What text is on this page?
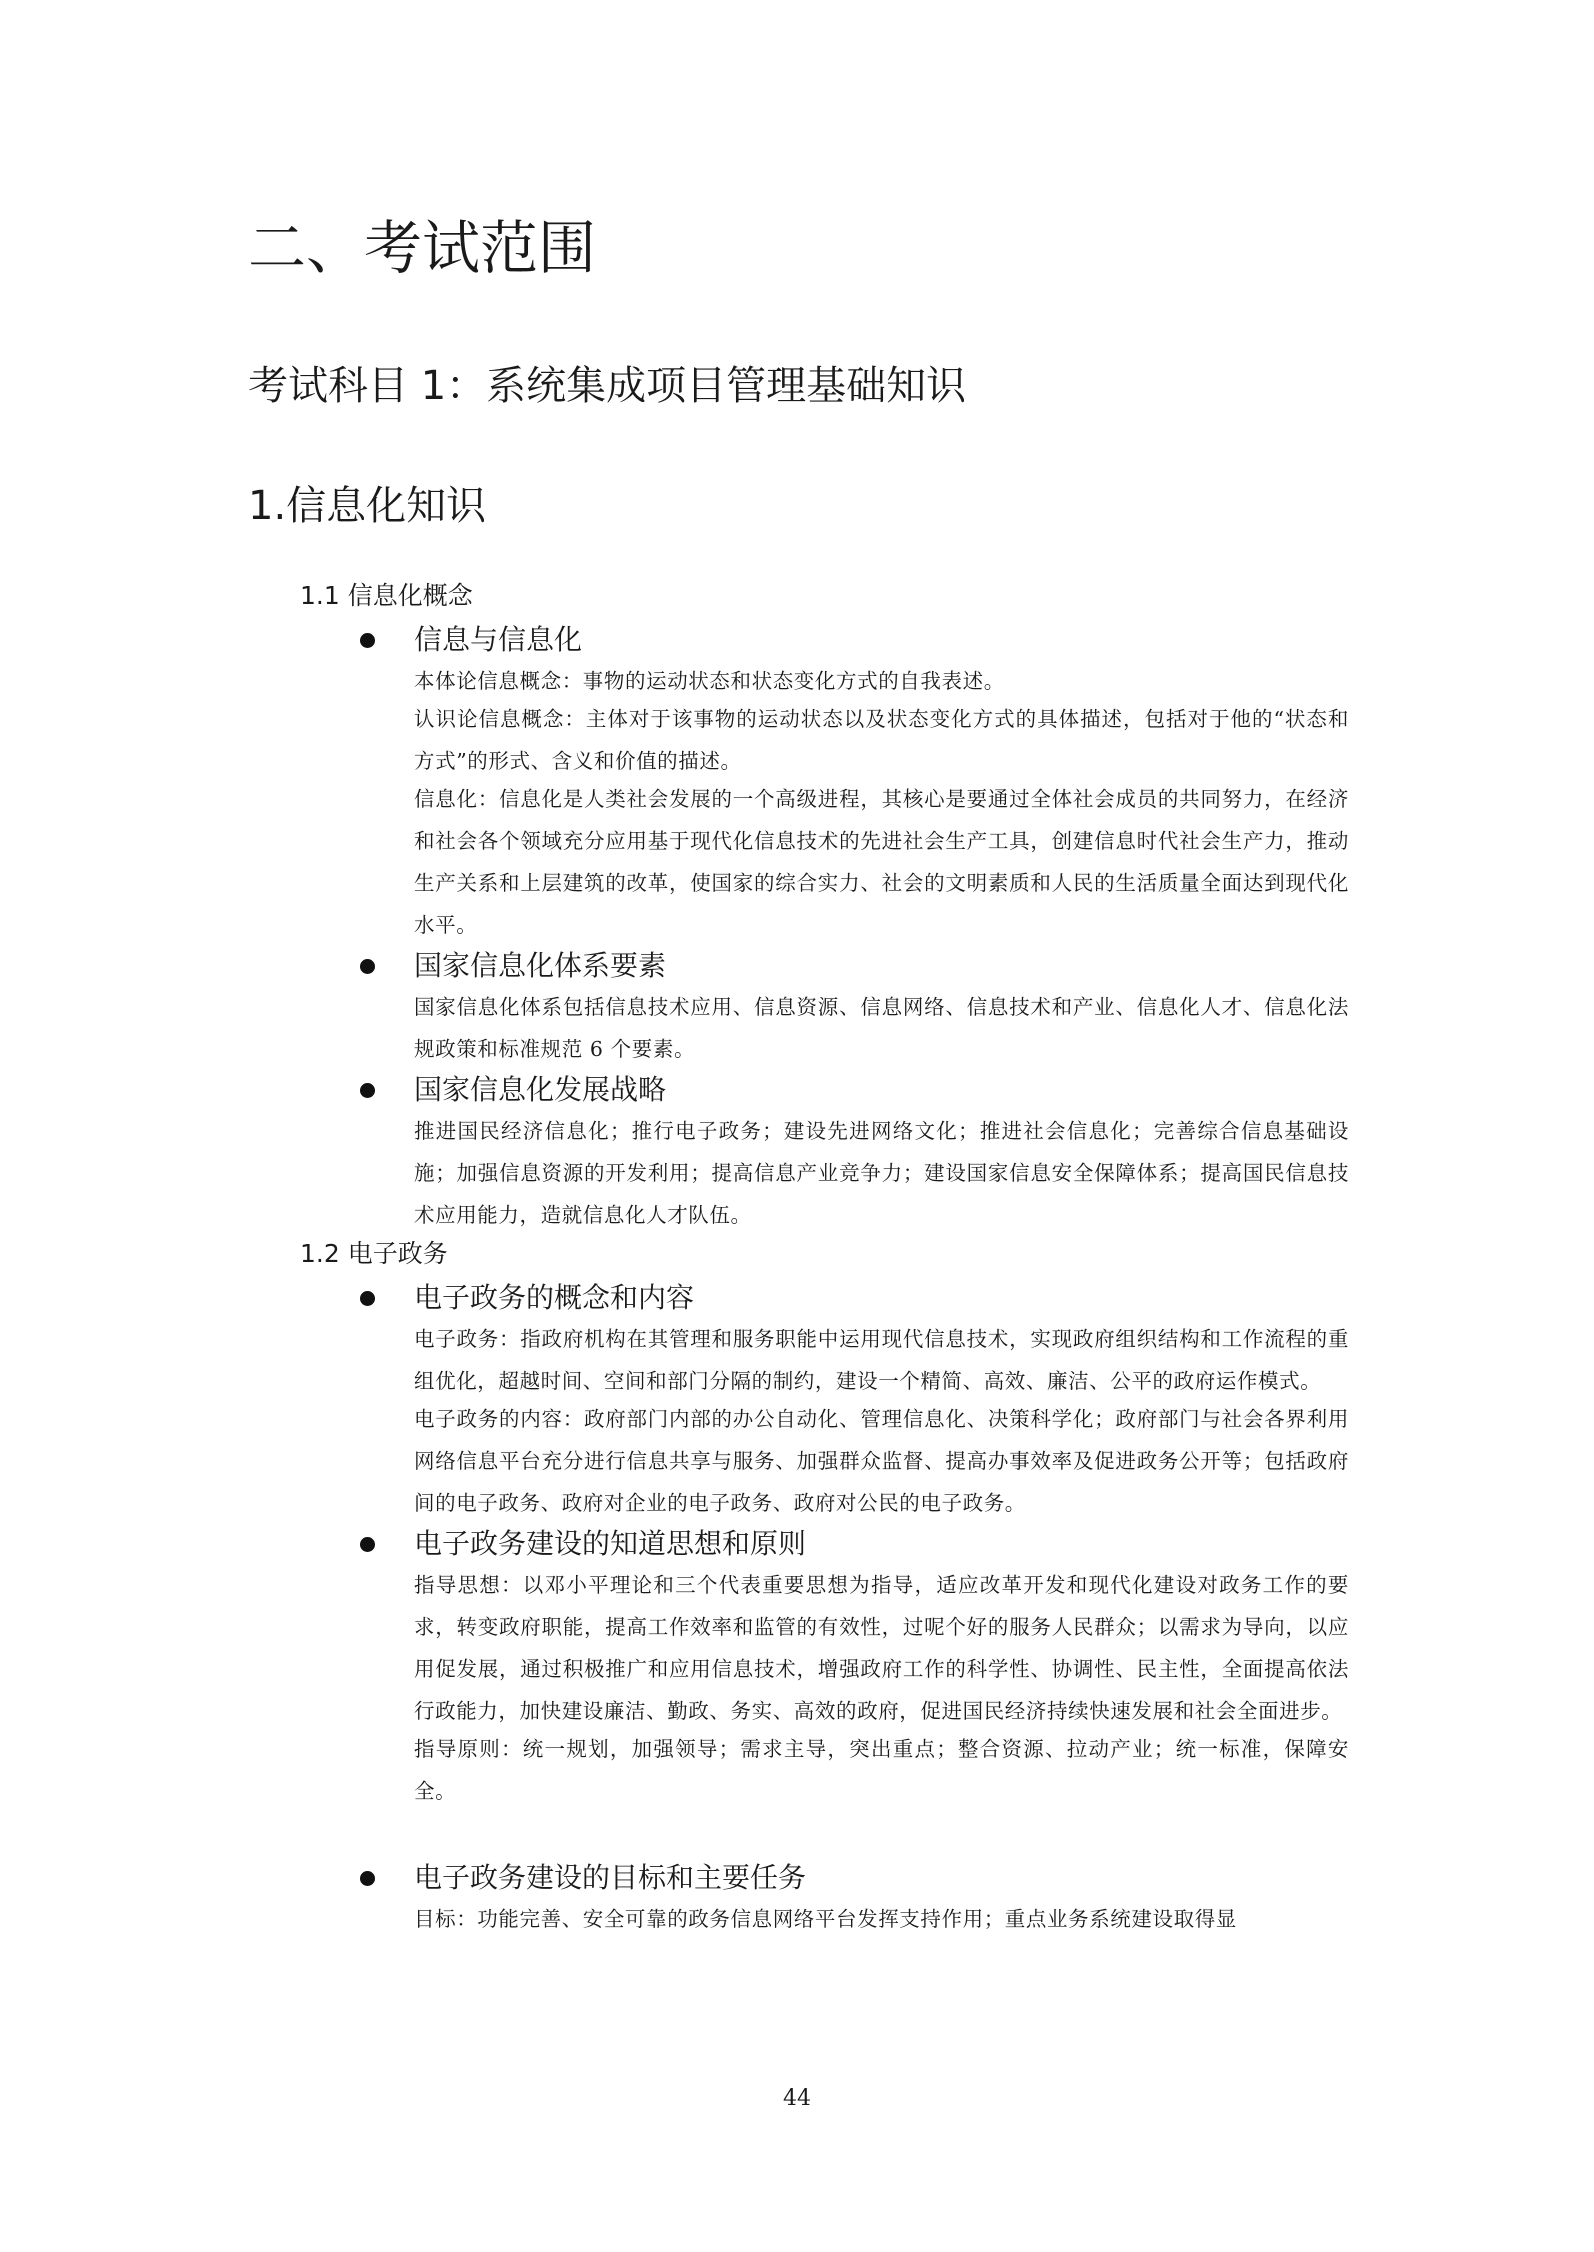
二、考试范围
考试科目 1：系统集成项目管理基础知识
1.信息化知识
1.1 信息化概念
信息与信息化

本体论信息概念：事物的运动状态和状态变化方式的自我表述。

认识论信息概念：主体对于该事物的运动状态以及状态变化方式的具体描述，包括对于他的“状态和方式”的形式、含义和价值的描述。

信息化：信息化是人类社会发展的一个高级进程，其核心是要通过全体社会成员的共同努力，在经济和社会各个领域充分应用基于现代化信息技术的先进社会生产工具，创建信息时代社会生产力，推动生产关系和上层建筑的改革，使国家的综合实力、社会的文明素质和人民的生活质量全面达到现代化水平。

国家信息化体系要素

国家信息化体系包括信息技术应用、信息资源、信息网络、信息技术和产业、信息化人才、信息化法规政策和标准规范 6 个要素。

国家信息化发展战略

推进国民经济信息化；推行电子政务；建设先进网络文化；推进社会信息化；完善综合信息基础设施；加强信息资源的开发利用；提高信息产业竞争力；建设国家信息安全保障体系；提高国民信息技术应用能力，造就信息化人才队伍。

1.2 电子政务
电子政务的概念和内容

电子政务：指政府机构在其管理和服务职能中运用现代信息技术，实现政府组织结构和工作流程的重组优化，超越时间、空间和部门分隔的制约，建设一个精简、高效、廉洁、公平的政府运作模式。

电子政务的内容：政府部门内部的办公自动化、管理信息化、决策科学化；政府部门与社会各界利用网络信息平台充分进行信息共享与服务、加强群众监督、提高办事效率及促进政务公开等；包括政府间的电子政务、政府对企业的电子政务、政府对公民的电子政务。

电子政务建设的知道思想和原则

指导思想：以邓小平理论和三个代表重要思想为指导，适应改革开发和现代化建设对政务工作的要求，转变政府职能，提高工作效率和监管的有效性，过呢个好的服务人民群众；以需求为导向，以应用促发展，通过积极推广和应用信息技术，增强政府工作的科学性、协调性、民主性，全面提高依法行政能力，加快建设廉洁、勤政、务实、高效的政府，促进国民经济持续快速发展和社会全面进步。

指导原则：统一规划，加强领导；需求主导，突出重点；整合资源、拉动产业；统一标准，保障安全。

电子政务建设的目标和主要任务

目标：功能完善、安全可靠的政务信息网络平台发挥支持作用；重点业务系统建设取得显

44
